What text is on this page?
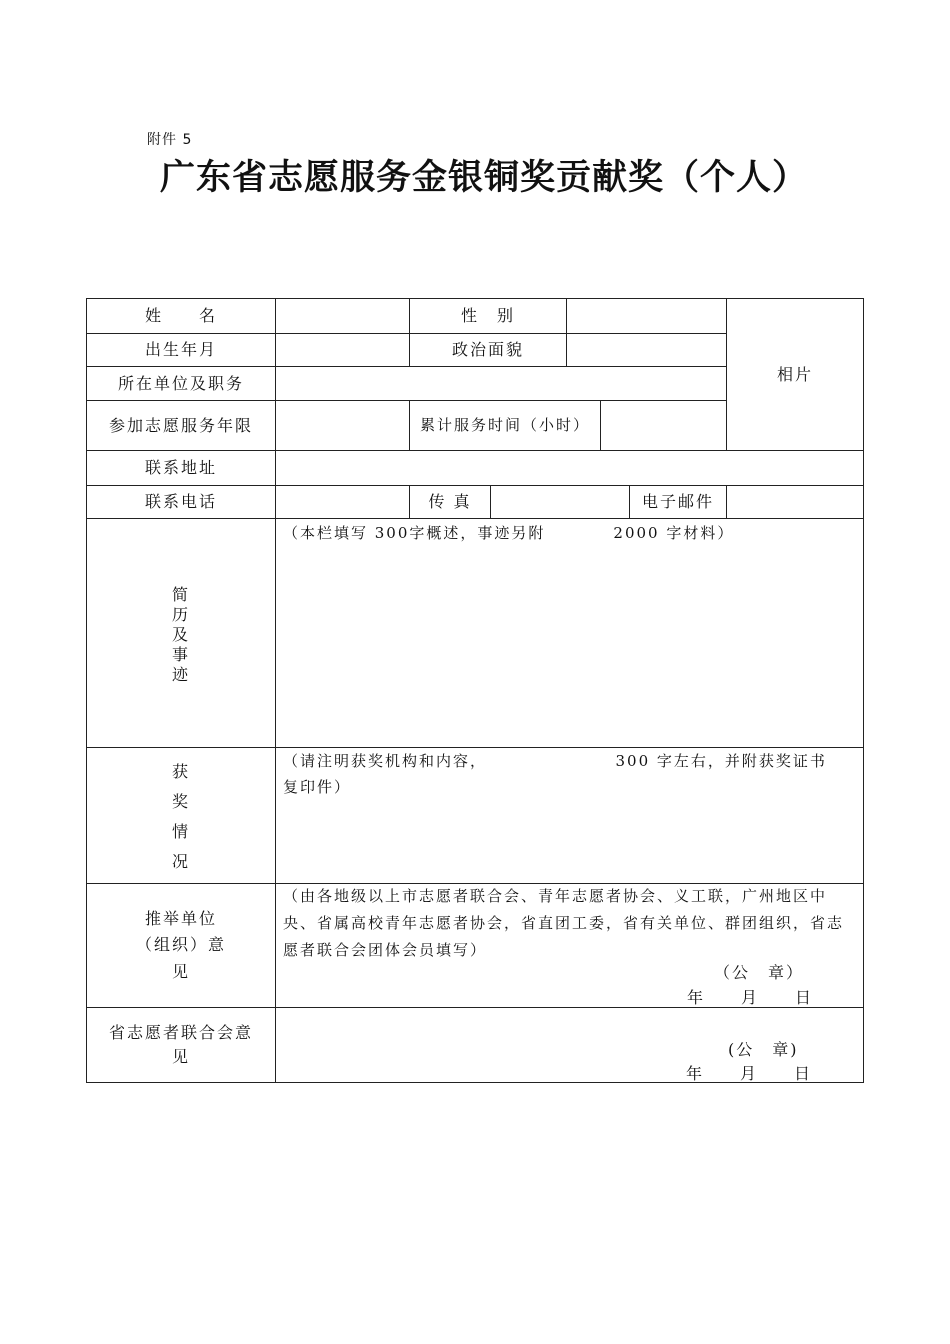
附件 5
广东省志愿服务金银铜奖贡献奖（个人）
姓　　名	性　别
相片
出生年月	政治面貌
所在单位及职务
参加志愿服务年限	累计服务时间（小时）
联系地址
联系电话	传 真	电子邮件
简
历
及
事
迹
（本栏填写 300字概述，事迹另附　　　　2000 字材料）
获
奖
情
况
（请注明获奖机构和内容，　　　　　　　　300 字左右，并附获奖证书复印件）
推举单位（组织）意见
（由各地级以上市志愿者联合会、青年志愿者协会、义工联，广州地区中央、省属高校青年志愿者协会，省直团工委，省有关单位、群团组织，省志愿者联合会团体会员填写）
（公　章）
年　　月　　日
省志愿者联合会意见	(公　章)
年　　月　　日
